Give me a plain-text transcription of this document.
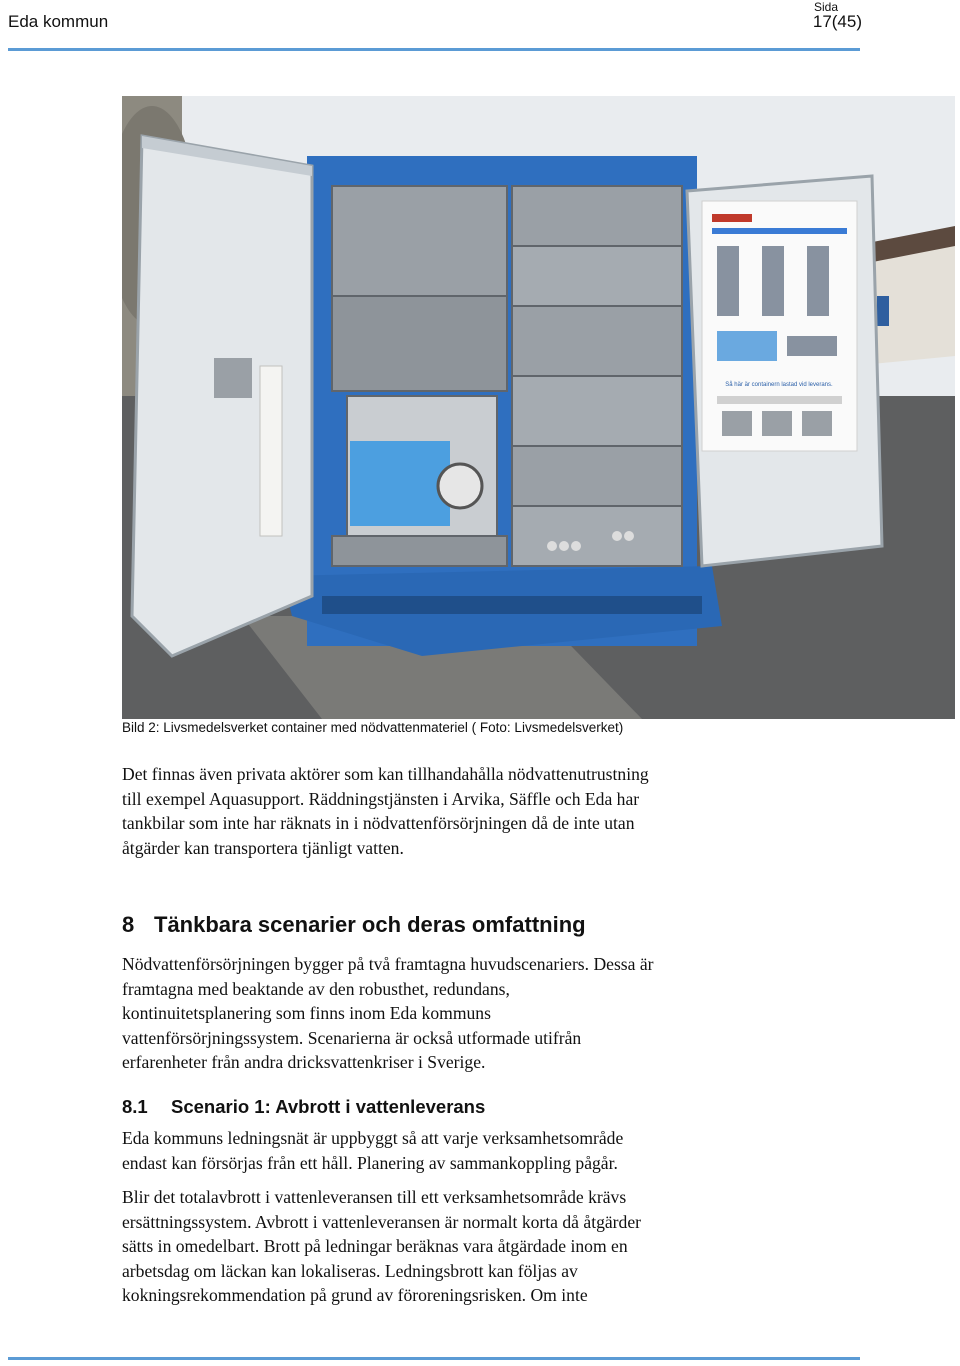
Eda kommun
Sida
17(45)
Så här är containern lastad vid leverans.
Bild 2: Livsmedelsverket container med nödvattenmateriel ( Foto: Livsmedelsverket)

Det finnas även privata aktörer som kan tillhandahålla nödvattenutrustning

till exempel Aquasupport. Räddningstjänsten i Arvika, Säffle och Eda har

tankbilar som inte har räknats in i nödvattenförsörjningen då de inte utan

åtgärder kan transportera tjänligt vatten.

8 Tänkbara scenarier och deras omfattning

Nödvattenförsörjningen bygger på två framtagna huvudscenariers. Dessa är

framtagna med beaktande av den robusthet, redundans,

kontinuitetsplanering som finns inom Eda kommuns

vattenförsörjningssystem. Scenarierna är också utformade utifrån

erfarenheter från andra dricksvattenkriser i Sverige.

8.1 Scenario 1: Avbrott i vattenleverans

Eda kommuns ledningsnät är uppbyggt så att varje verksamhetsområde

endast kan försörjas från ett håll. Planering av sammankoppling pågår.

Blir det totalavbrott i vattenleveransen till ett verksamhetsområde krävs

ersättningssystem. Avbrott i vattenleveransen är normalt korta då åtgärder

sätts in omedelbart. Brott på ledningar beräknas vara åtgärdade inom en

arbetsdag om läckan kan lokaliseras. Ledningsbrott kan följas av

kokningsrekommendation på grund av föroreningsrisken. Om inte
